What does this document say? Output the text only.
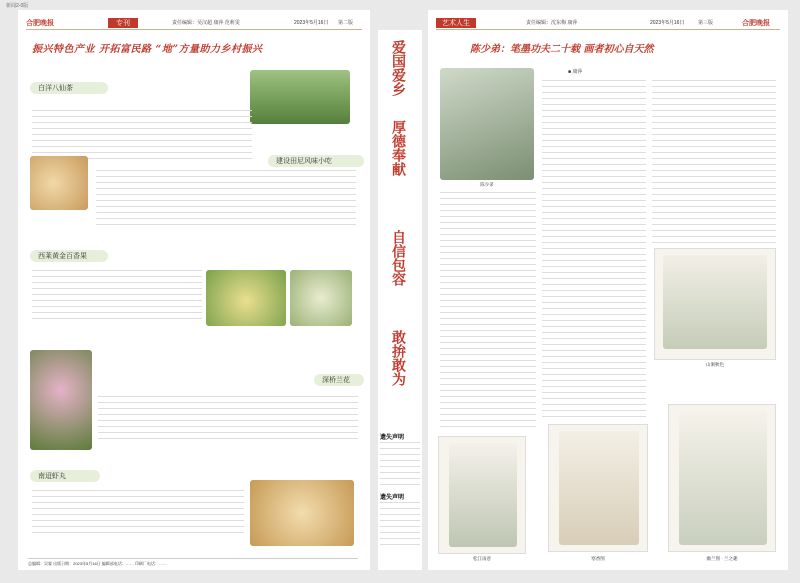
新闻2-0版
合肥晚报	专刊	责任编辑：吴汉超 康萍 范莉雯	2023年5月16日 第二版
振兴特色产业 开拓富民路 “地”方量助力乡村振兴
白洋八仙茶
建设田尼风味小吃
西莱黄金百香果
深桥兰花
南迢虾丸
总编辑：吴霖 出版日期：2023年5月16日 编辑部电话：…… 印刷厂电话：……
爱国爱乡
厚德奉献
自信包容
敢拚敢为
遗失声明
遗失声明
艺术人生	责任编辑：沈东梅 康萍	2023年5月16日	第三版	合肥晚报
陈少弟：笔墨功夫二十载 画者初心自天然
■ 康萍
陈少弟
山涧秋色
松江雨意	寒香图	幽兰图 · 兰之趣
